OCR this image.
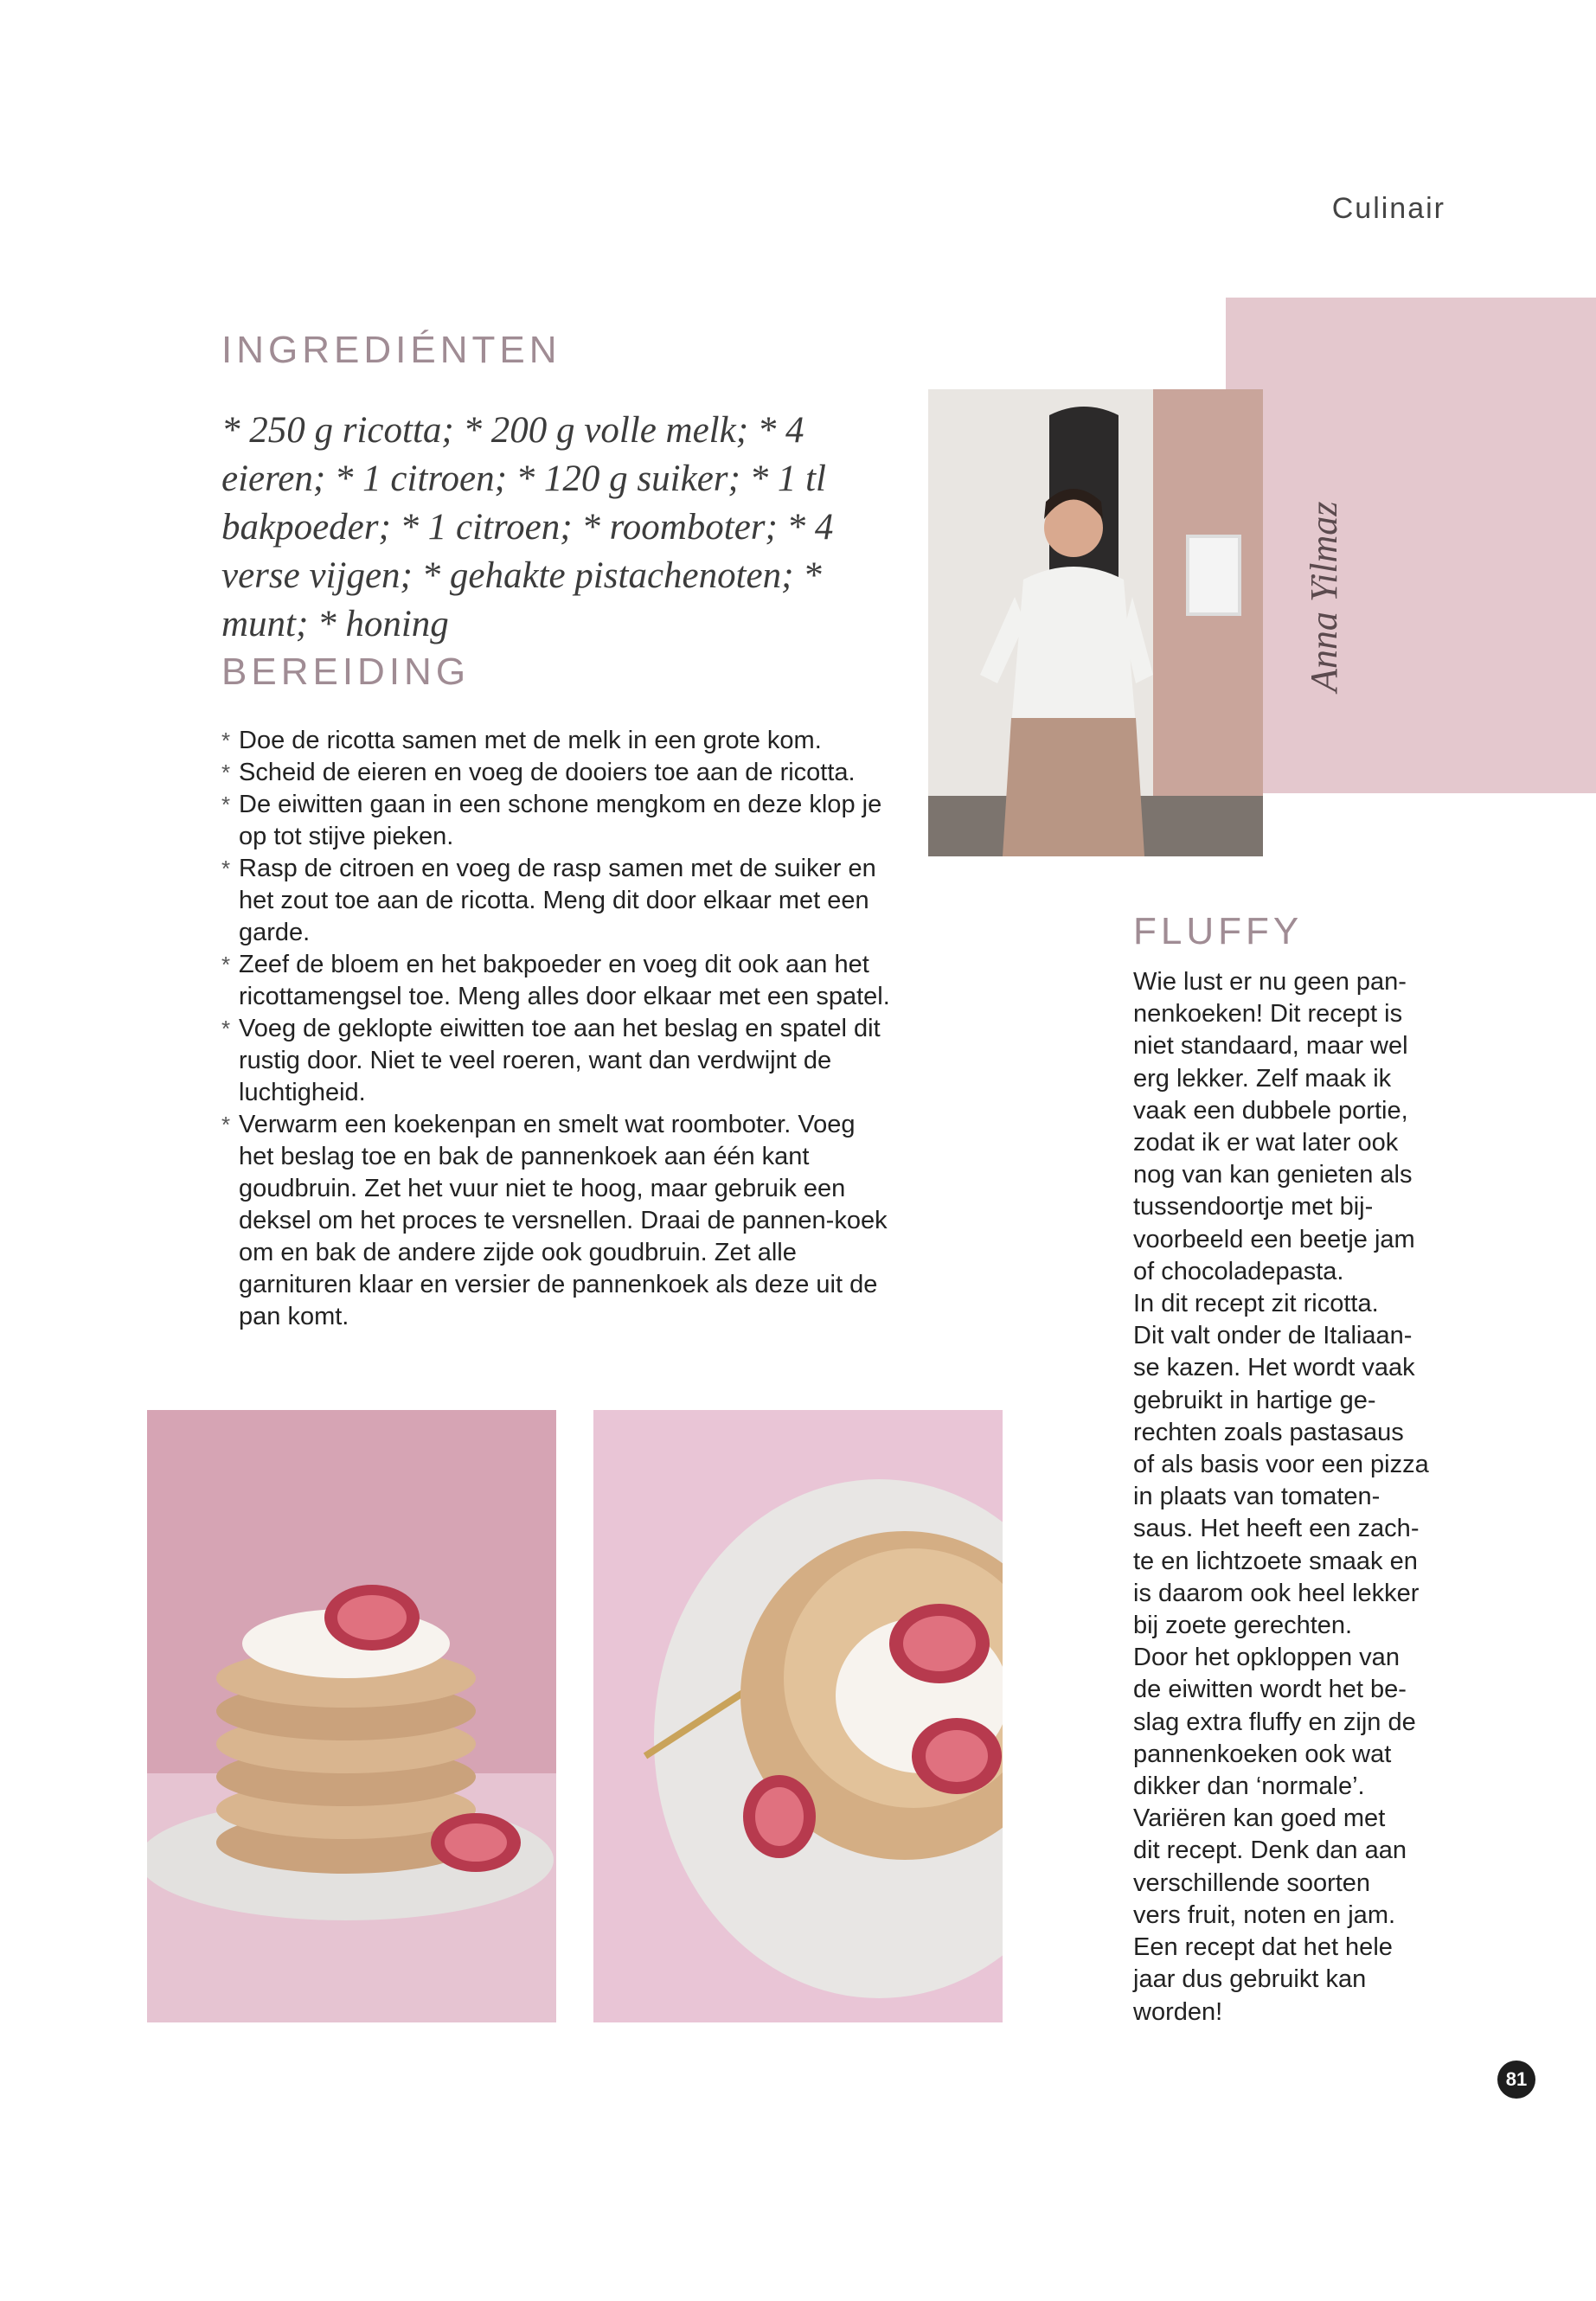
Culinair
Anna Yilmaz
INGREDIÉNTEN
* 250 g ricotta; * 200 g volle melk; * 4 eieren; * 1 citroen; * 120 g suiker; * 1 tl bakpoeder; * 1 citroen; * roomboter; * 4 verse vijgen; * gehakte pistachenoten; * munt; * honing
BEREIDING
* Doe de ricotta samen met de melk in een grote kom.
* Scheid de eieren en voeg de dooiers toe aan de ricotta.
* De eiwitten gaan in een schone mengkom en deze klop je op tot stijve pieken.
* Rasp de citroen en voeg de rasp samen met de suiker en het zout toe aan de ricotta. Meng dit door elkaar met een garde.
* Zeef de bloem en het bakpoeder en voeg dit ook aan het ricottamengsel toe. Meng alles door elkaar met een spatel.
* Voeg de geklopte eiwitten toe aan het beslag en spatel dit rustig door. Niet te veel roeren, want dan verdwijnt de luchtigheid.
* Verwarm een koekenpan en smelt wat roomboter. Voeg het beslag toe en bak de pannenkoek aan één kant goudbruin. Zet het vuur niet te hoog, maar gebruik een deksel om het proces te versnellen. Draai de pannen-koek om en bak de andere zijde ook goudbruin. Zet alle garnituren klaar en versier de pannenkoek als deze uit de pan komt.
FLUFFY
Wie lust er nu geen pan-
nenkoeken! Dit recept is
niet standaard, maar wel
erg lekker. Zelf maak ik
vaak een dubbele portie,
zodat ik er wat later ook
nog van kan genieten als
tussendoortje met bij-
voorbeeld een beetje jam
of chocoladepasta.
In dit recept zit ricotta.
Dit valt onder de Italiaan-
se kazen. Het wordt vaak
gebruikt in hartige ge-
rechten zoals pastasaus
of als basis voor een pizza
in plaats van tomaten-
saus. Het heeft een zach-
te en lichtzoete smaak en
is daarom ook heel lekker
bij zoete gerechten.
Door het opkloppen van
de eiwitten wordt het be-
slag extra fluffy en zijn de
pannenkoeken ook wat
dikker dan ‘normale’.
Variëren kan goed met
dit recept. Denk dan aan
verschillende soorten
vers fruit, noten en jam.
Een recept dat het hele
jaar dus gebruikt kan
worden!
81
